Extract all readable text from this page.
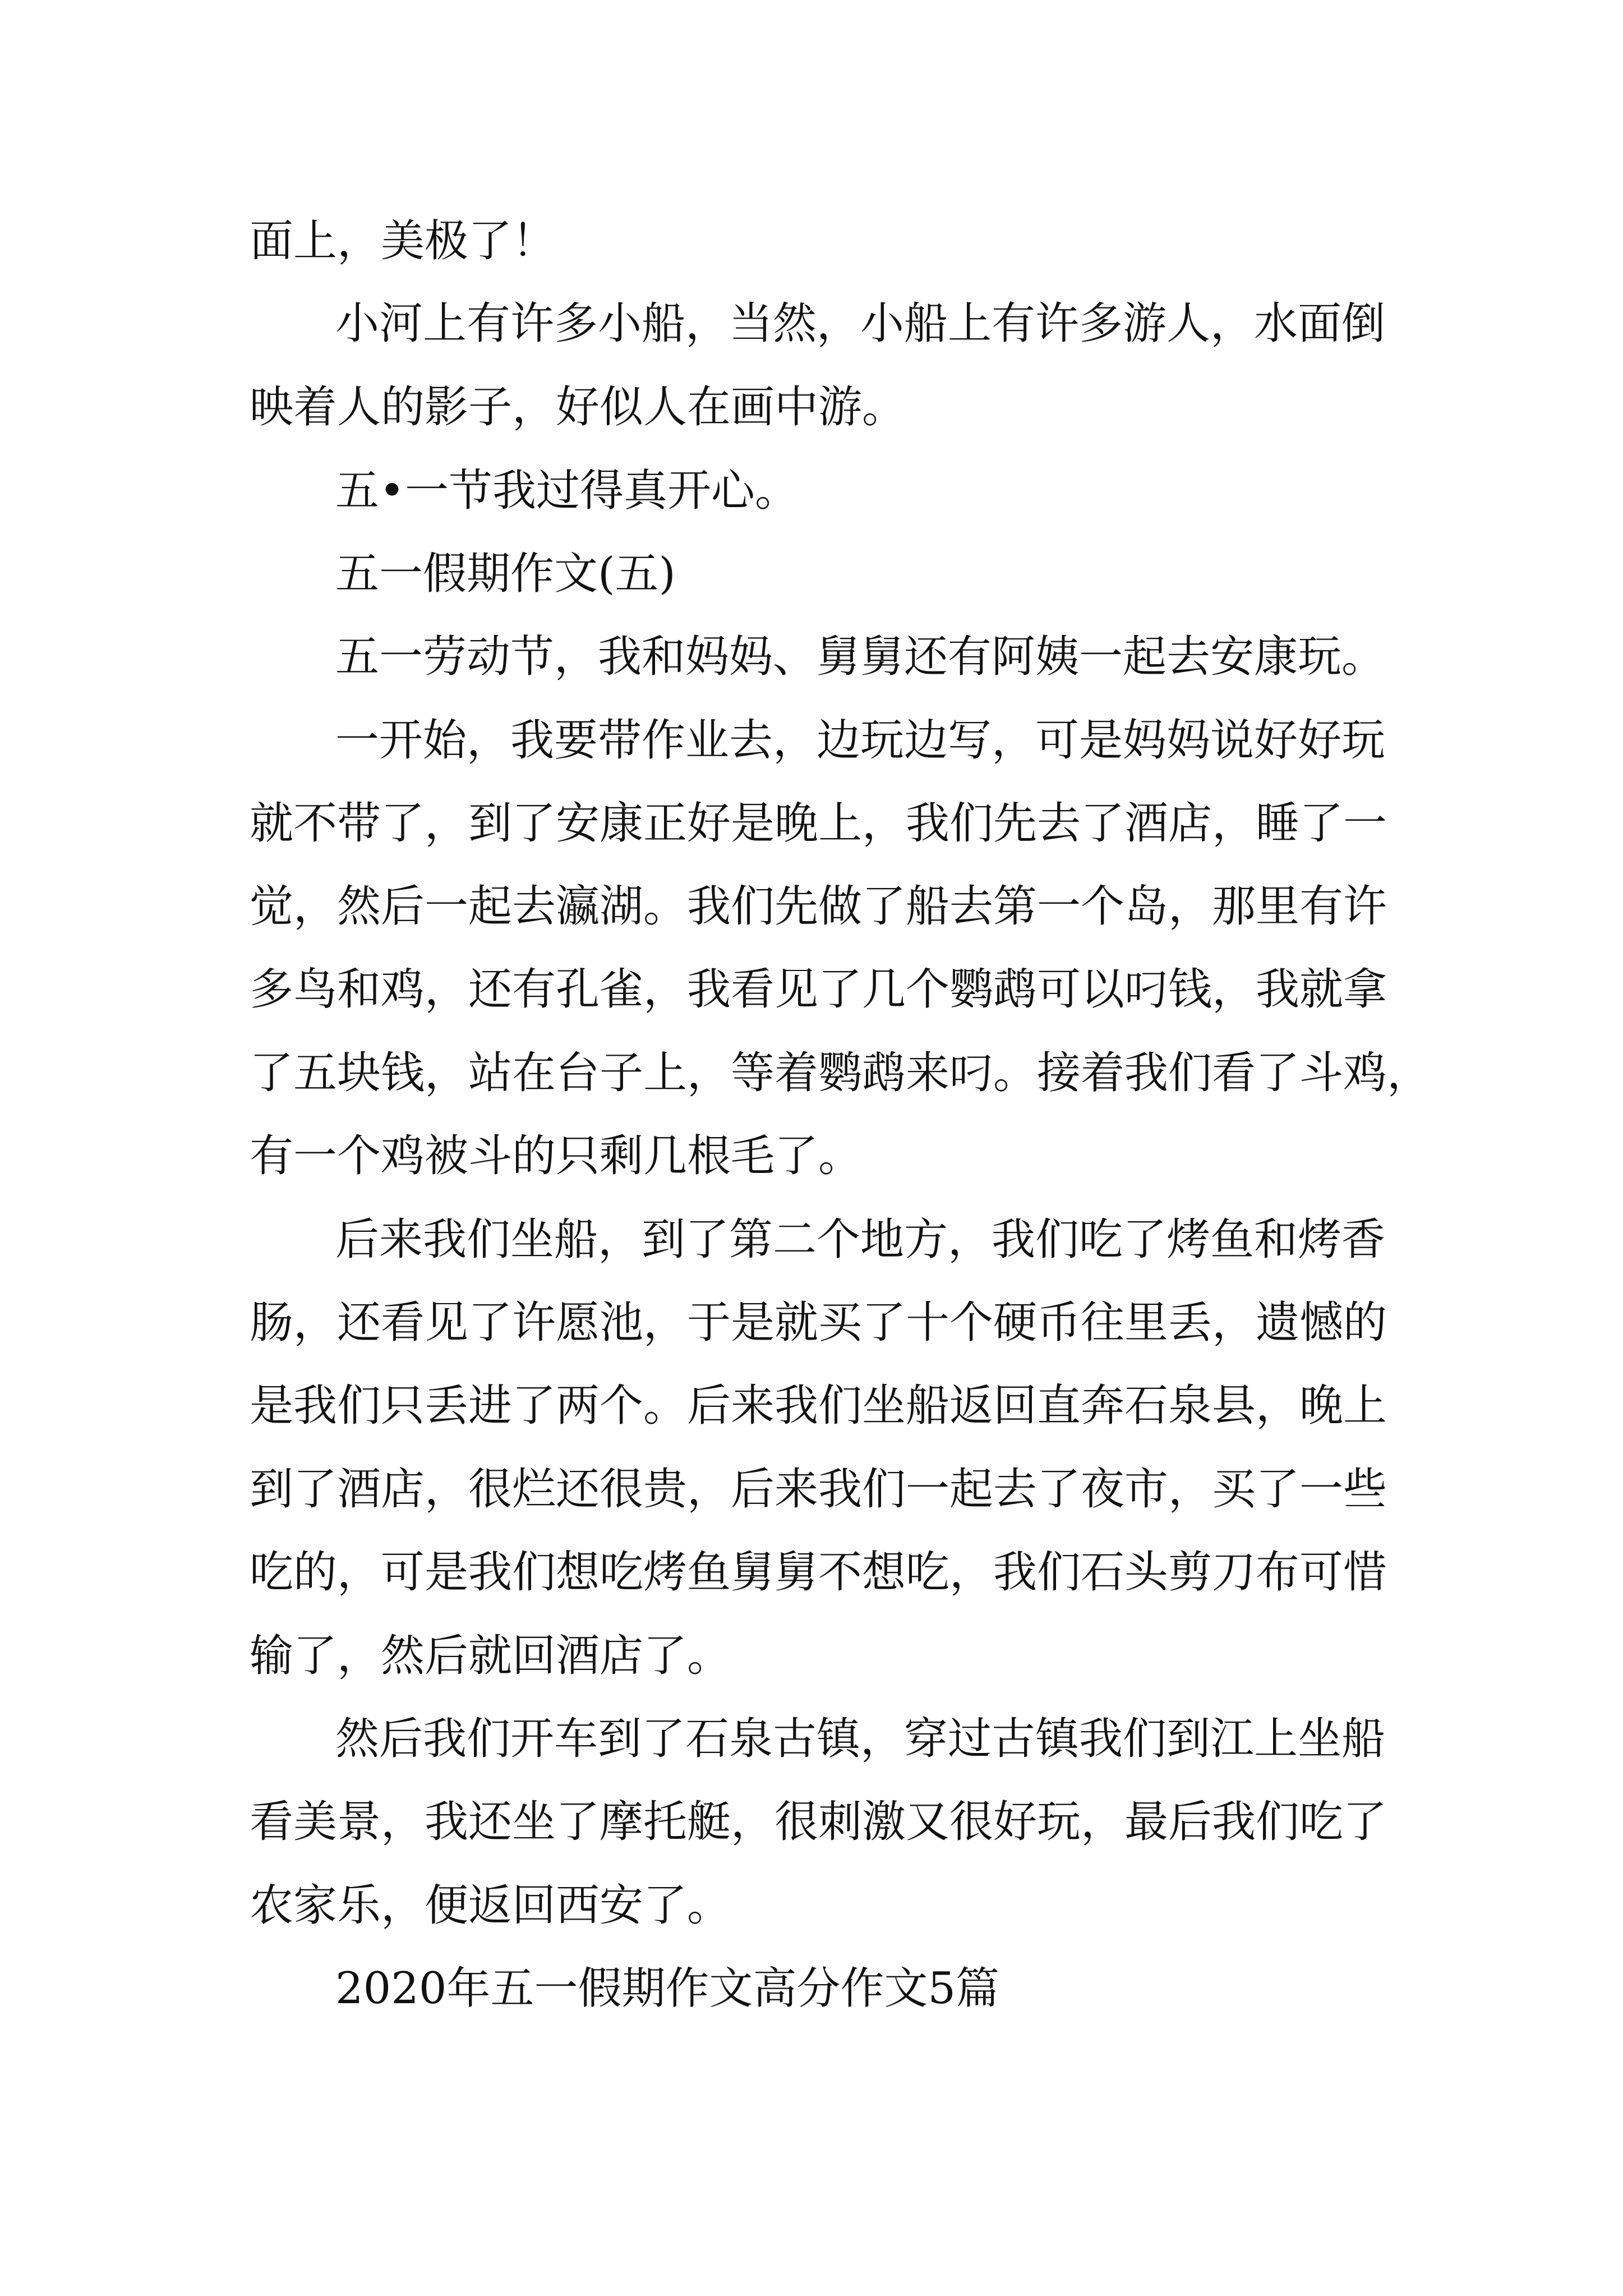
面上，美极了！
小河上有许多小船，当然，小船上有许多游人，水面倒
映着人的影子，好似人在画中游。
五•一节我过得真开心。
五一假期作文(五)
五一劳动节，我和妈妈、舅舅还有阿姨一起去安康玩。
一开始，我要带作业去，边玩边写，可是妈妈说好好玩
就不带了，到了安康正好是晚上，我们先去了酒店，睡了一
觉，然后一起去瀛湖。我们先做了船去第一个岛，那里有许
多鸟和鸡，还有孔雀，我看见了几个鹦鹉可以叼钱，我就拿
了五块钱，站在台子上，等着鹦鹉来叼。接着我们看了斗鸡，
有一个鸡被斗的只剩几根毛了。
后来我们坐船，到了第二个地方，我们吃了烤鱼和烤香
肠，还看见了许愿池，于是就买了十个硬币往里丢，遗憾的
是我们只丢进了两个。后来我们坐船返回直奔石泉县，晚上
到了酒店，很烂还很贵，后来我们一起去了夜市，买了一些
吃的，可是我们想吃烤鱼舅舅不想吃，我们石头剪刀布可惜
输了，然后就回酒店了。
然后我们开车到了石泉古镇，穿过古镇我们到江上坐船
看美景，我还坐了摩托艇，很刺激又很好玩，最后我们吃了
农家乐，便返回西安了。
2020年五一假期作文高分作文5篇
